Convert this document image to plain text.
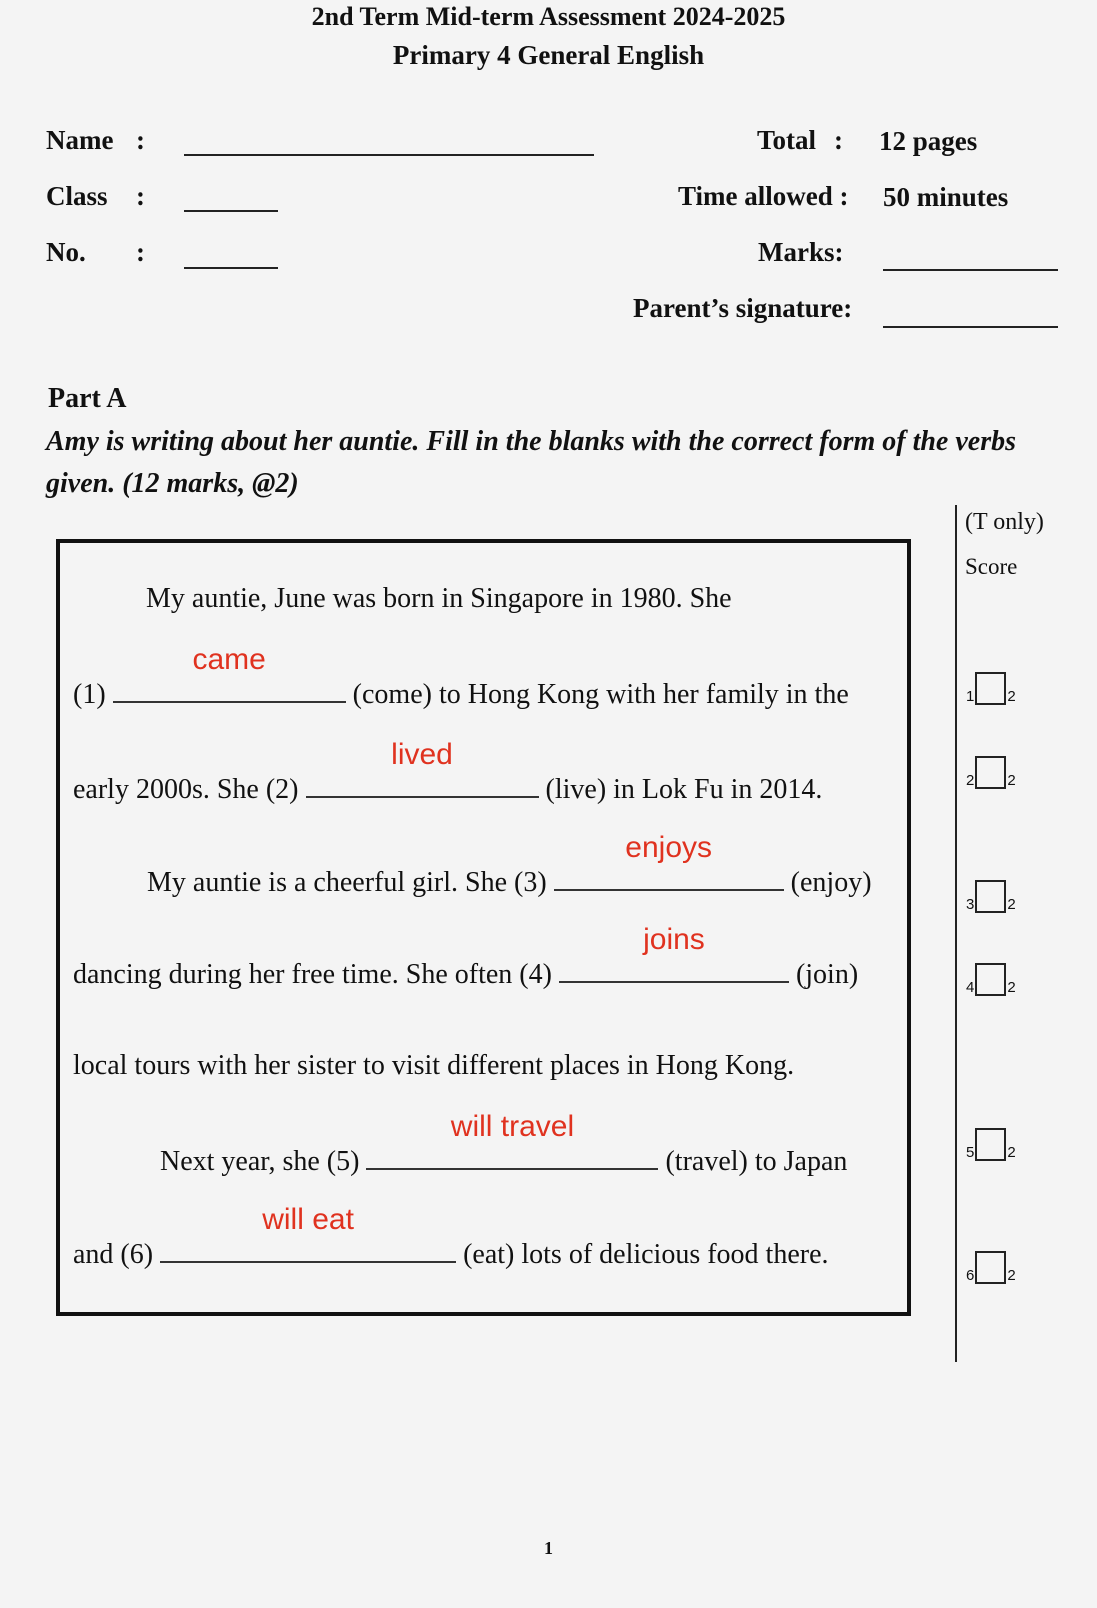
2nd Term Mid-term Assessment 2024-2025
Primary 4 General English
Name :
Class :
No. :
Total : 12 pages
Time allowed : 50 minutes
Marks:
Parent’s signature:
Part A
Amy is writing about her auntie. Fill in the blanks with the correct form of the verbs given. (12 marks, @2)
(T only)
Score
My auntie, June was born in Singapore in 1980. She
(1)
came
(come) to Hong Kong with her family in the
early 2000s. She (2)
lived
(live) in Lok Fu in 2014.
My auntie is a cheerful girl. She (3)
enjoys
(enjoy)
dancing during her free time. She often (4)
joins
(join)
local tours with her sister to visit different places in Hong Kong.
Next year, she (5)
will travel
(travel) to Japan
and (6)
will eat
(eat) lots of delicious food there.
1 2
2 2
3 2
4 2
5 2
6 2
1
